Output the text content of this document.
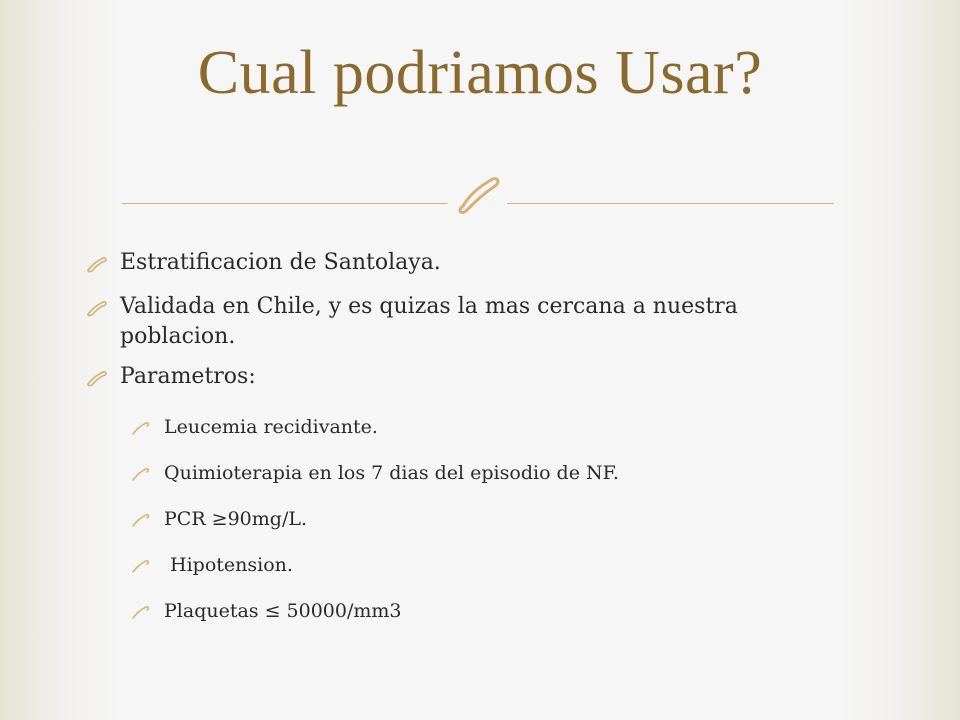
Cual podriamos Usar?
Estratificacion de Santolaya.
Validada en Chile, y es quizas la mas cercana a nuestra poblacion.
Parametros:
Leucemia recidivante.
Quimioterapia en los 7 dias del episodio de NF.
PCR ≥90mg/L.
Hipotension.
Plaquetas ≤ 50000/mm3
